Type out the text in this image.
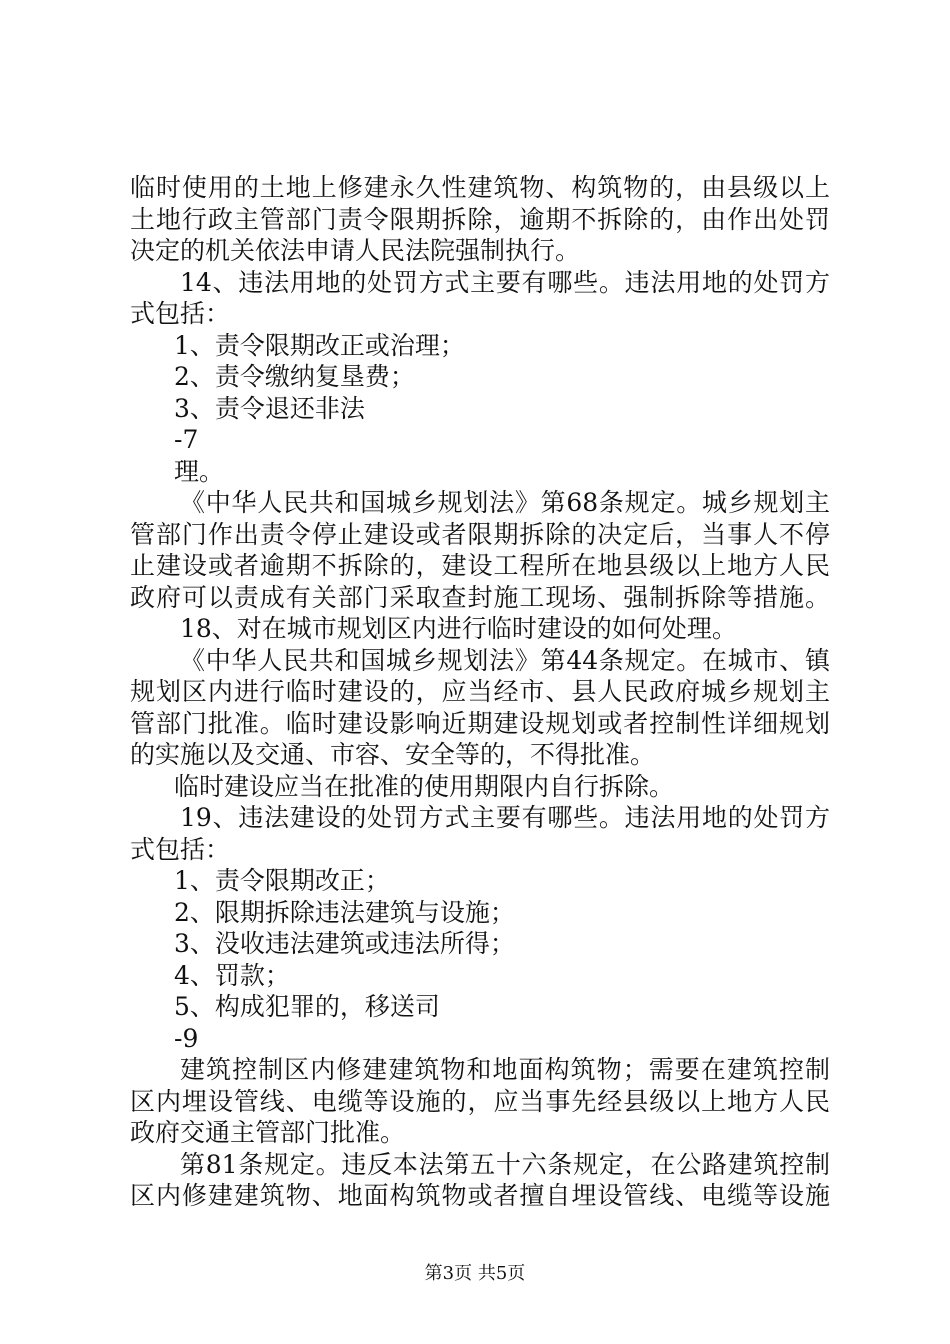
临时使用的土地上修建永久性建筑物、构筑物的，由县级以上
土地行政主管部门责令限期拆除，逾期不拆除的，由作出处罚
决定的机关依法申请人民法院强制执行。
14、违法用地的处罚方式主要有哪些。违法用地的处罚方
式包括：
1、责令限期改正或治理；
2、责令缴纳复垦费；
3、责令退还非法
-7
理。
《中华人民共和国城乡规划法》第68条规定。城乡规划主
管部门作出责令停止建设或者限期拆除的决定后，当事人不停
止建设或者逾期不拆除的，建设工程所在地县级以上地方人民
政府可以责成有关部门采取查封施工现场、强制拆除等措施。
18、对在城市规划区内进行临时建设的如何处理。
《中华人民共和国城乡规划法》第44条规定。在城市、镇
规划区内进行临时建设的，应当经市、县人民政府城乡规划主
管部门批准。临时建设影响近期建设规划或者控制性详细规划
的实施以及交通、市容、安全等的，不得批准。
临时建设应当在批准的使用期限内自行拆除。
19、违法建设的处罚方式主要有哪些。违法用地的处罚方
式包括：
1、责令限期改正；
2、限期拆除违法建筑与设施；
3、没收违法建筑或违法所得；
4、罚款；
5、构成犯罪的，移送司
-9
建筑控制区内修建建筑物和地面构筑物；需要在建筑控制
区内埋设管线、电缆等设施的，应当事先经县级以上地方人民
政府交通主管部门批准。
第81条规定。违反本法第五十六条规定，在公路建筑控制
区内修建建筑物、地面构筑物或者擅自埋设管线、电缆等设施
第3页 共5页
